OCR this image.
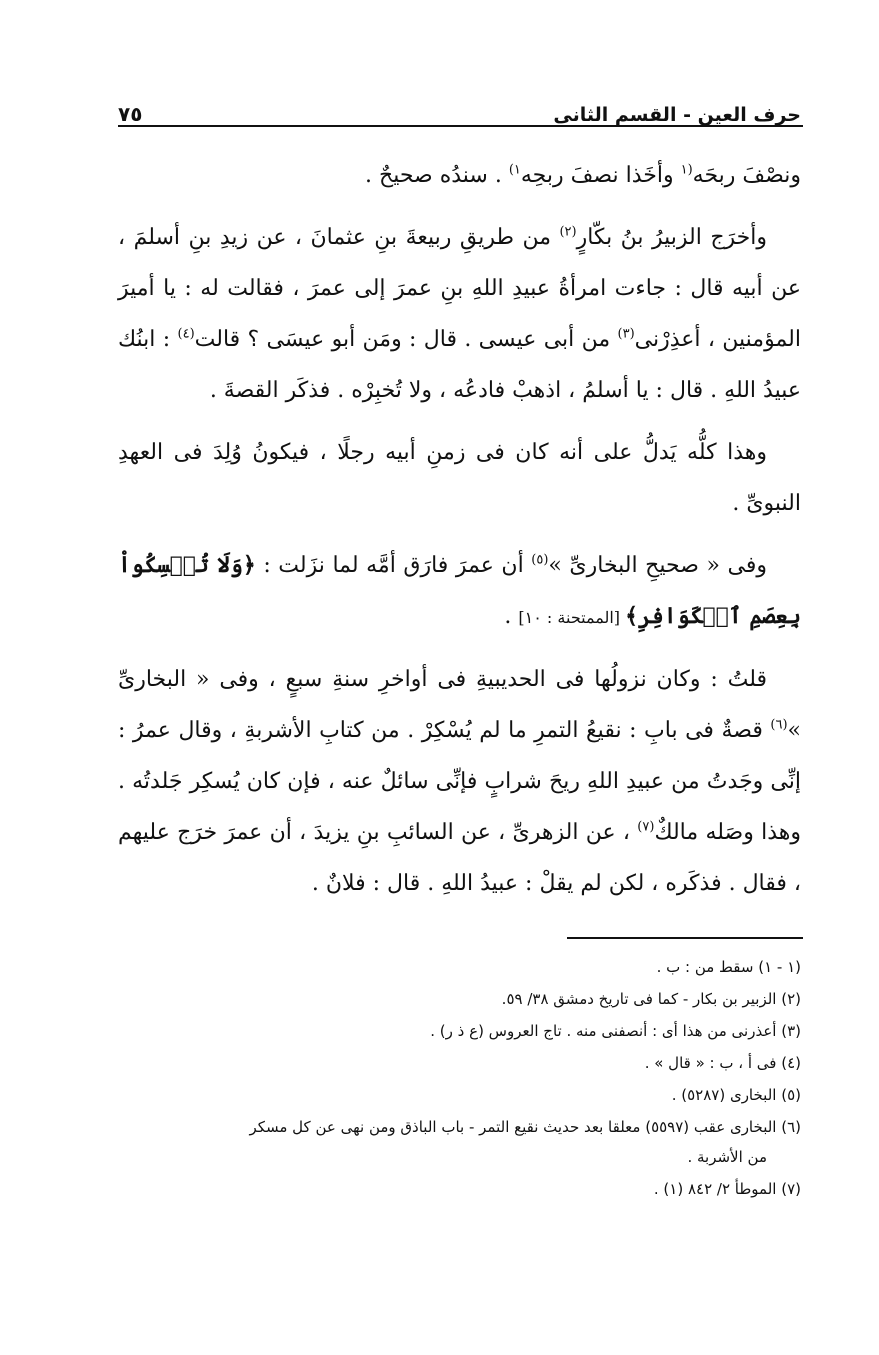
حرف العين - القسم الثانى
٧٥

ونصْفَ ربحَه$^{(١}$ وأخَذا نصفَ ربحِه$^{١)}$ . سندُه صحيحٌ .

وأخرَج الزبيرُ بنُ بكّارٍ$^{(٢)}$ من طريقِ ربيعةَ بنِ عثمانَ ، عن زيدِ بنِ أسلمَ ، عن أبيه قال : جاءت امرأةُ عبيدِ اللهِ بنِ عمرَ إلى عمرَ ، فقالت له : يا أميرَ المؤمنين ، أعذِرْنى$^{(٣)}$ من أبى عيسى . قال : ومَن أبو عيسَى ؟ قالت$^{(٤)}$ : ابنُك عبيدُ اللهِ . قال : يا أسلمُ ، اذهبْ فادعُه ، ولا تُخبِرْه . فذكَر القصةَ .

وهذا كلُّه يَدلُّ على أنه كان فى زمنِ أبيه رجلًا ، فيكونُ وُلِدَ فى العهدِ النبوىِّ .

وفى « صحيحِ البخارىِّ »$^{(٥)}$ أن عمرَ فارَق أمَّه لما نزَلت : ﴿وَلَا تُمۡسِكُواْ بِعِصَمِ ٱلۡكَوَافِرِ﴾ [الممتحنة : ١٠] .

قلتُ : وكان نزولُها فى الحديبيةِ فى أواخرِ سنةِ سبعٍ ، وفى « البخارىِّ »$^{(٦)}$ قصةٌ فى بابِ : نقيعُ التمرِ ما لم يُسْكِرْ . من كتابِ الأشربةِ ، وقال عمرُ : إنِّى وجَدتُ من عبيدِ اللهِ ريحَ شرابٍ فإنِّى سائلٌ عنه ، فإن كان يُسكِر جَلدتُه . وهذا وصَله مالكٌ$^{(٧)}$ ، عن الزهرىِّ ، عن السائبِ بنِ يزيدَ ، أن عمرَ خرَج عليهم ، فقال . فذكَره ، لكن لم يقلْ : عبيدُ اللهِ . قال : فلانٌ .

(١ - ١) سقط من : ب .
(٢) الزبير بن بكار - كما فى تاريخ دمشق ٣٨/ ٥٩.
(٣) أعذرنى من هذا أى : أنصفنى منه . تاج العروس (ع ذ ر) .
(٤) فى أ ، ب : « قال » .
(٥) البخارى (٥٢٨٧) .
(٦) البخارى عقب (٥٥٩٧) معلقا بعد حديث نقيع التمر - باب الباذق ومن نهى عن كل مسكر
من الأشربة .
(٧) الموطأ ٢/ ٨٤٢ (١) .
